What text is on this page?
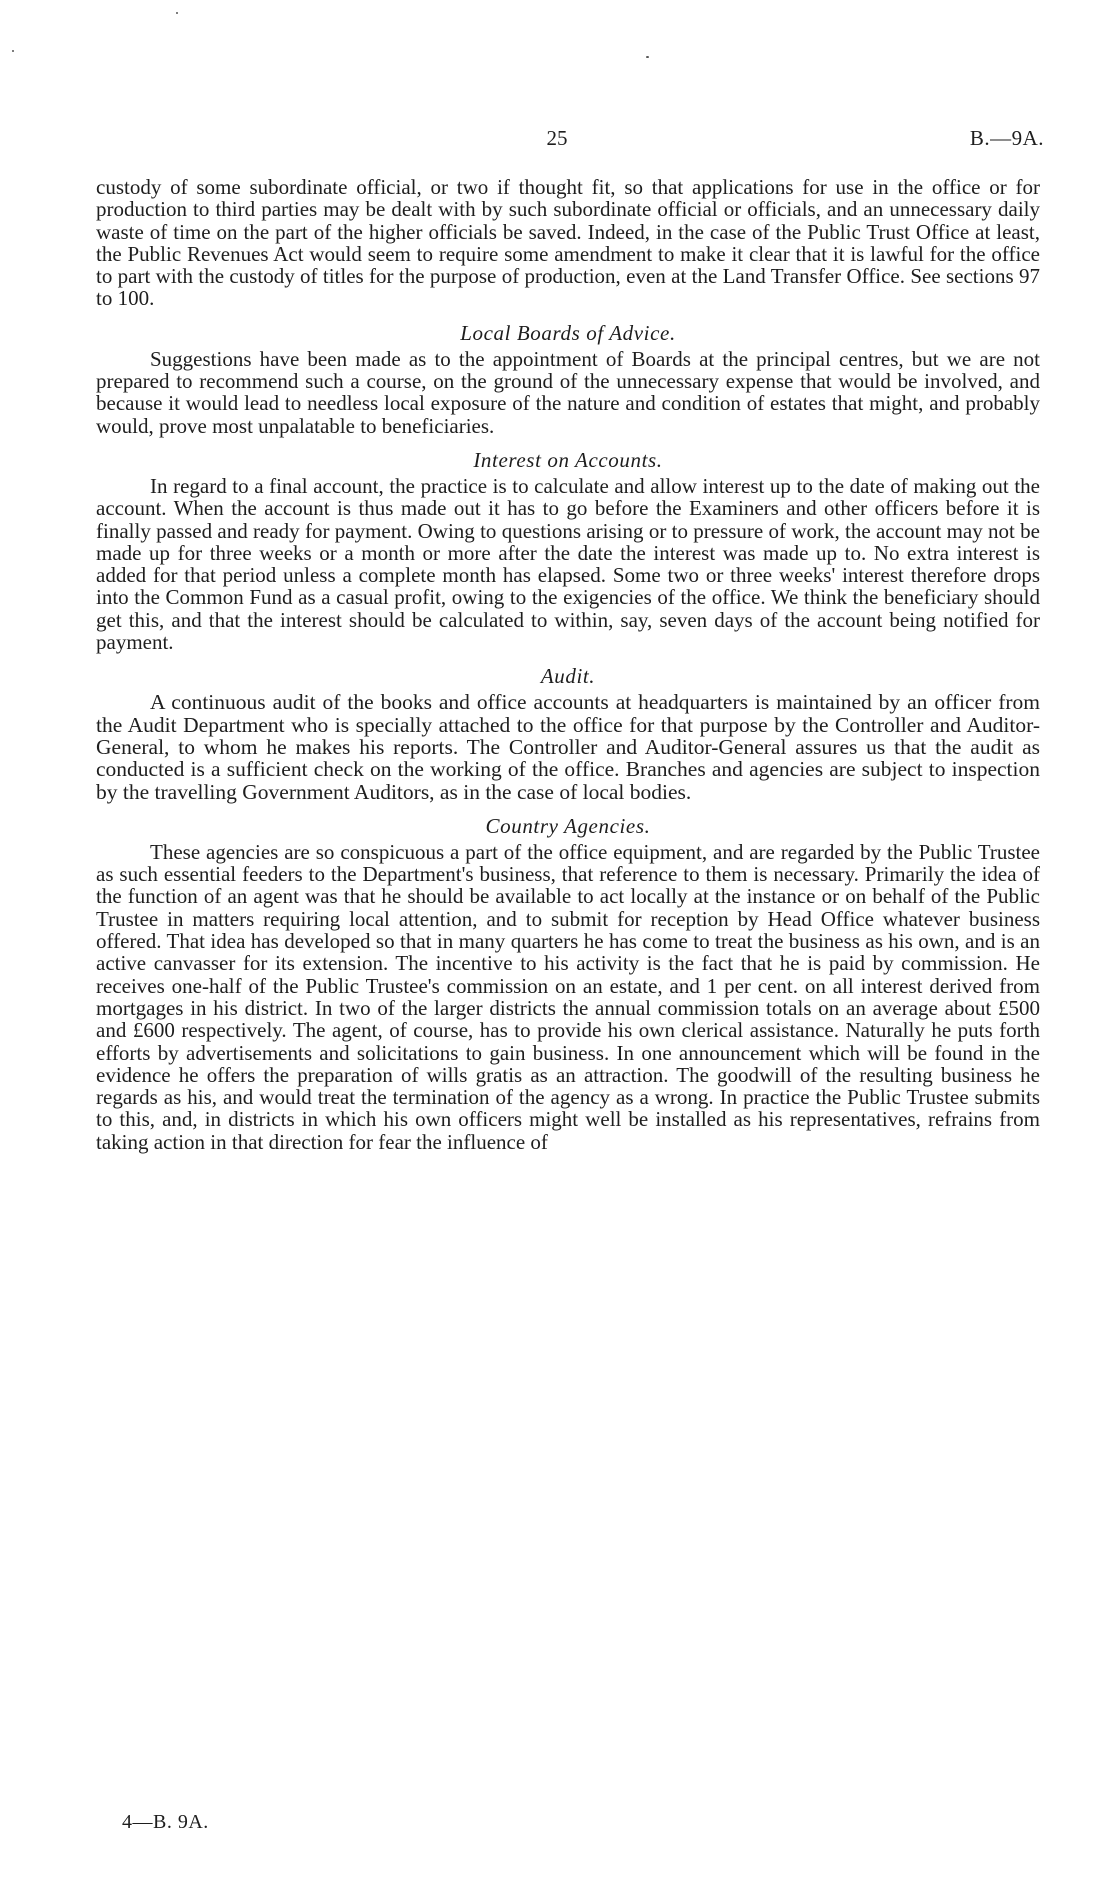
25	B.—9A.

custody of some subordinate official, or two if thought fit, so that applications for use in the office or for production to third parties may be dealt with by such subordinate official or officials, and an unnecessary daily waste of time on the part of the higher officials be saved. Indeed, in the case of the Public Trust Office at least, the Public Revenues Act would seem to require some amendment to make it clear that it is lawful for the office to part with the custody of titles for the purpose of production, even at the Land Transfer Office. See sections 97 to 100.

Local Boards of Advice.

Suggestions have been made as to the appointment of Boards at the principal centres, but we are not prepared to recommend such a course, on the ground of the unnecessary expense that would be involved, and because it would lead to needless local exposure of the nature and condition of estates that might, and probably would, prove most unpalatable to beneficiaries.

Interest on Accounts.

In regard to a final account, the practice is to calculate and allow interest up to the date of making out the account. When the account is thus made out it has to go before the Examiners and other officers before it is finally passed and ready for payment. Owing to questions arising or to pressure of work, the account may not be made up for three weeks or a month or more after the date the interest was made up to. No extra interest is added for that period unless a complete month has elapsed. Some two or three weeks' interest therefore drops into the Common Fund as a casual profit, owing to the exigencies of the office. We think the beneficiary should get this, and that the interest should be calculated to within, say, seven days of the account being notified for payment.

Audit.

A continuous audit of the books and office accounts at headquarters is maintained by an officer from the Audit Department who is specially attached to the office for that purpose by the Controller and Auditor-General, to whom he makes his reports. The Controller and Auditor-General assures us that the audit as conducted is a sufficient check on the working of the office. Branches and agencies are subject to inspection by the travelling Government Auditors, as in the case of local bodies.

Country Agencies.

These agencies are so conspicuous a part of the office equipment, and are regarded by the Public Trustee as such essential feeders to the Department's business, that reference to them is necessary. Primarily the idea of the function of an agent was that he should be available to act locally at the instance or on behalf of the Public Trustee in matters requiring local attention, and to submit for reception by Head Office whatever business offered. That idea has developed so that in many quarters he has come to treat the business as his own, and is an active canvasser for its extension. The incentive to his activity is the fact that he is paid by commission. He receives one-half of the Public Trustee's commission on an estate, and 1 per cent. on all interest derived from mortgages in his district. In two of the larger districts the annual commission totals on an average about £500 and £600 respectively. The agent, of course, has to provide his own clerical assistance. Naturally he puts forth efforts by advertisements and solicitations to gain business. In one announcement which will be found in the evidence he offers the preparation of wills gratis as an attraction. The goodwill of the resulting business he regards as his, and would treat the termination of the agency as a wrong. In practice the Public Trustee submits to this, and, in districts in which his own officers might well be installed as his representatives, refrains from taking action in that direction for fear the influence of

4—B. 9A.
